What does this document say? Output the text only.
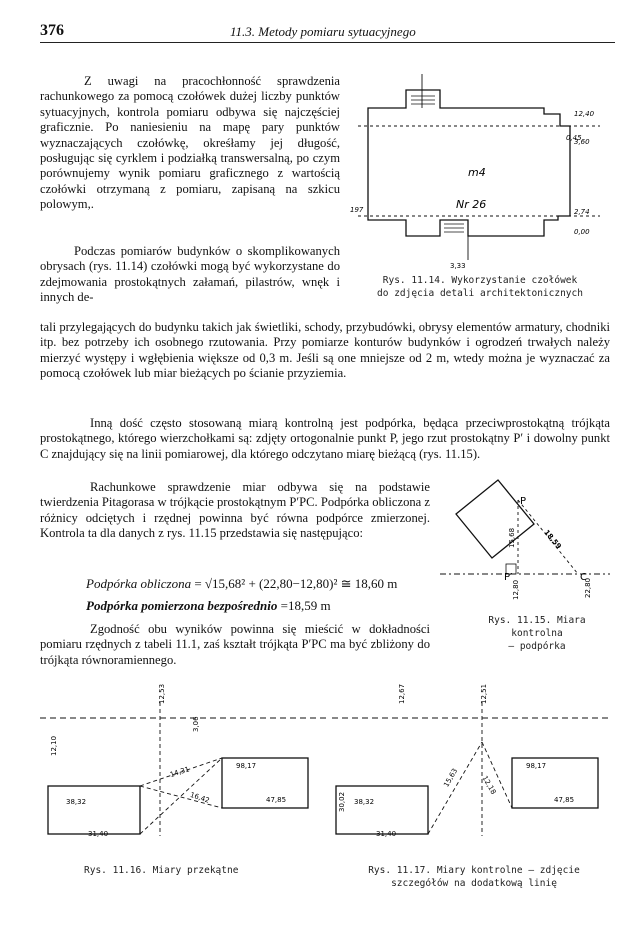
376	11.3. Metody pomiaru sytuacyjnego

Z uwagi na pracochłonność sprawdzenia rachunkowego za pomocą czołówek dużej liczby punktów sytuacyjnych, kontrola pomiaru odbywa się najczęściej graficznie. Po naniesieniu na mapę pary punktów wyznaczających czołówkę, okreśłamy jej długość, posługując się cyrklem i podziałką transwersalną, po czym porównujemy wynik pomiaru graficznego z wartością czołówki otrzymaną z pomiaru, zapisaną na szkicu polowym,.

Podczas pomiarów budynków o skomplikowanych obrysach (rys. 11.14) czołówki mogą być wykorzystane do zdejmowania prostokątnych załamań, pilastrów, wnęk i innych de-

tali przylegających do budynku takich jak świetliki, schody, przybudówki, obrysy elementów armatury, chodniki itp. bez potrzeby ich osobnego rzutowania. Przy pomiarze konturów budynków i ogrodzeń trwałych należy mierzyć występy i wgłębienia większe od 0,3 m. Jeśli są one mniejsze od 2 m, wtedy można je wyznaczać za pomocą czołówek lub miar bieżących po ścianie przyziemia.

Inną dość często stosowaną miarą kontrolną jest podpórka, będąca przeciwprostokątną trójkąta prostokątnego, którego wierzchołkami są: zdjęty ortogonalnie punkt P, jego rzut prostokątny P′ i dowolny punkt C znajdujący się na linii pomiarowej, dla którego odczytano miarę bieżącą (rys. 11.15).

Rachunkowe sprawdzenie miar odbywa się na podstawie twierdzenia Pitagorasa w trójkącie prostokątnym P′PC. Podpórka obliczona z różnicy odciętych i rzędnej powinna być równa podpórce zmierzonej. Kontrola ta dla danych z rys. 11.15 przedstawia się następująco:

Podpórka obliczona = √15,68² + (22,80−12,80)² ≅ 18,60 m
Podpórka pomierzona bezpośrednio =18,59 m

Zgodność obu wyników powinna się mieścić w dokładności pomiaru rzędnych z tabeli 11.1, zaś kształt trójkąta P′PC ma być zbliżony do trójkąta równoramiennego.

m4
Nr 26
3,33
12,40
0,45
3,60
2,74
0,00
197
Rys. 11.14. Wykorzystanie czołówek
do zdjęcia detali architektonicznych
P
P′	C
15,68	18,59
12,80	22,80
Rys. 11.15. Miara kontrolna
– podpórka
12,53
3,06
14,31
16,42
98,17
47,85
38,32
31,40
12,10
Rys. 11.16. Miary przekątne
12,67	12,51
15,63	12,18
98,17
47,85
38,32
31,40
30,02
Rys. 11.17. Miary kontrolne – zdjęcie
szczegółów na dodatkową linię
